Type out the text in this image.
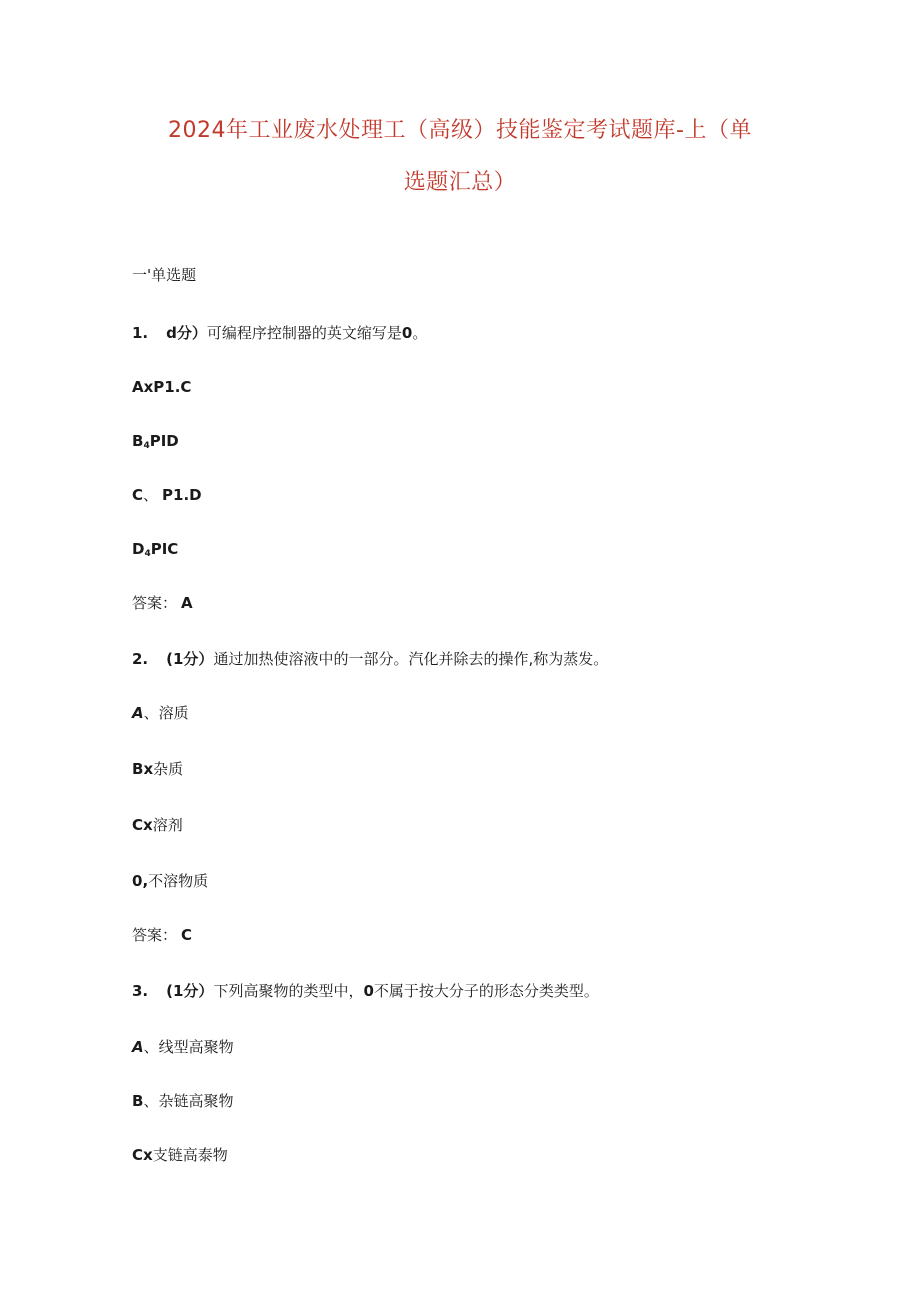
2024年工业废水处理工（高级）技能鉴定考试题库-上（单
选题汇总）
一'单选题
1. d分）可编程序控制器的英文缩写是0。
AxP1.C
$B_4PID$
C、 P1.D
$D_4PIC$
答案： A
2. (1分）通过加热使溶液中的一部分。汽化并除去的操作,称为蒸发。
A、溶质
Bx杂质
Cx溶剂
0,不溶物质
答案： C
3. (1分）下列高聚物的类型中，0不属于按大分子的形态分类类型。
A、线型高聚物
B、杂链高聚物
Cx支链高泰物
